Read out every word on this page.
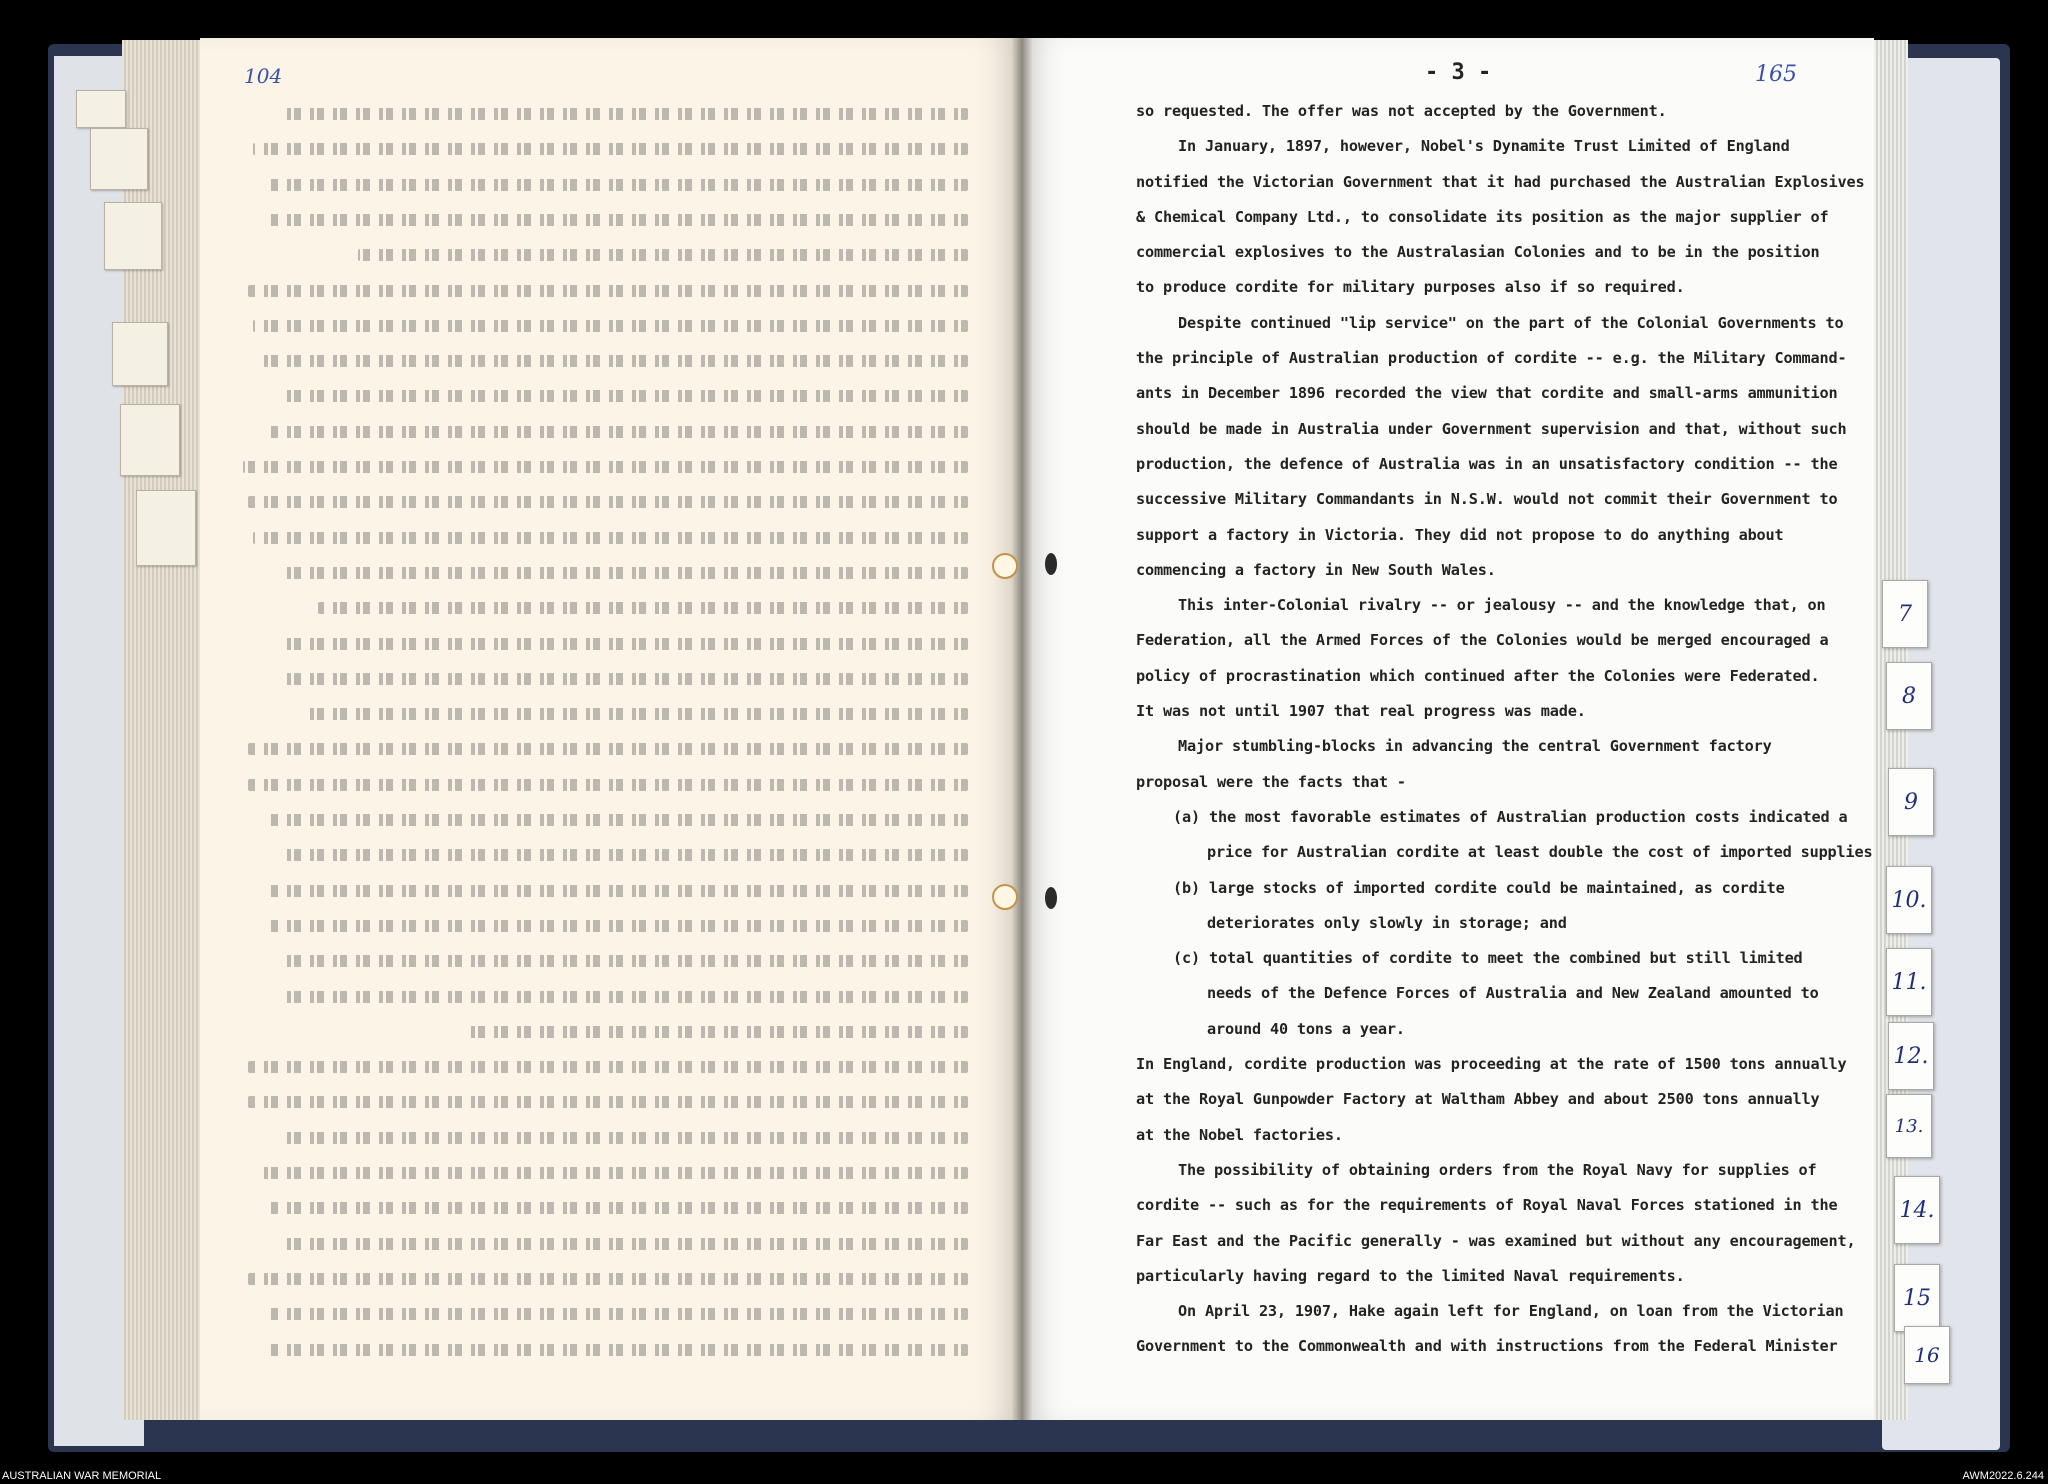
104	- 3 -	165
so requested. The offer was not accepted by the Government.
In January, 1897, however, Nobel's Dynamite Trust Limited of England
notified the Victorian Government that it had purchased the Australian Explosives
& Chemical Company Ltd., to consolidate its position as the major supplier of
commercial explosives to the Australasian Colonies and to be in the position
to produce cordite for military purposes also if so required.
Despite continued "lip service" on the part of the Colonial Governments to
the principle of Australian production of cordite -- e.g. the Military Command-
ants in December 1896 recorded the view that cordite and small-arms ammunition
should be made in Australia under Government supervision and that, without such
production, the defence of Australia was in an unsatisfactory condition -- the
successive Military Commandants in N.S.W. would not commit their Government to
support a factory in Victoria. They did not propose to do anything about
commencing a factory in New South Wales.
This inter-Colonial rivalry -- or jealousy -- and the knowledge that, on
Federation, all the Armed Forces of the Colonies would be merged encouraged a
policy of procrastination which continued after the Colonies were Federated.
It was not until 1907 that real progress was made.
Major stumbling-blocks in advancing the central Government factory
proposal were the facts that -
(a) the most favorable estimates of Australian production costs indicated a
price for Australian cordite at least double the cost of imported supplies
(b) large stocks of imported cordite could be maintained, as cordite
deteriorates only slowly in storage; and
(c) total quantities of cordite to meet the combined but still limited
needs of the Defence Forces of Australia and New Zealand amounted to
around 40 tons a year.
In England, cordite production was proceeding at the rate of 1500 tons annually
at the Royal Gunpowder Factory at Waltham Abbey and about 2500 tons annually
at the Nobel factories.
The possibility of obtaining orders from the Royal Navy for supplies of
cordite -- such as for the requirements of Royal Naval Forces stationed in the
Far East and the Pacific generally - was examined but without any encouragement,
particularly having regard to the limited Naval requirements.
On April 23, 1907, Hake again left for England, on loan from the Victorian
Government to the Commonwealth and with instructions from the Federal Minister
7
8
9
10.
11.
12.
13.
14.
15
16
AUSTRALIAN WAR MEMORIAL	AWM2022.6.244
